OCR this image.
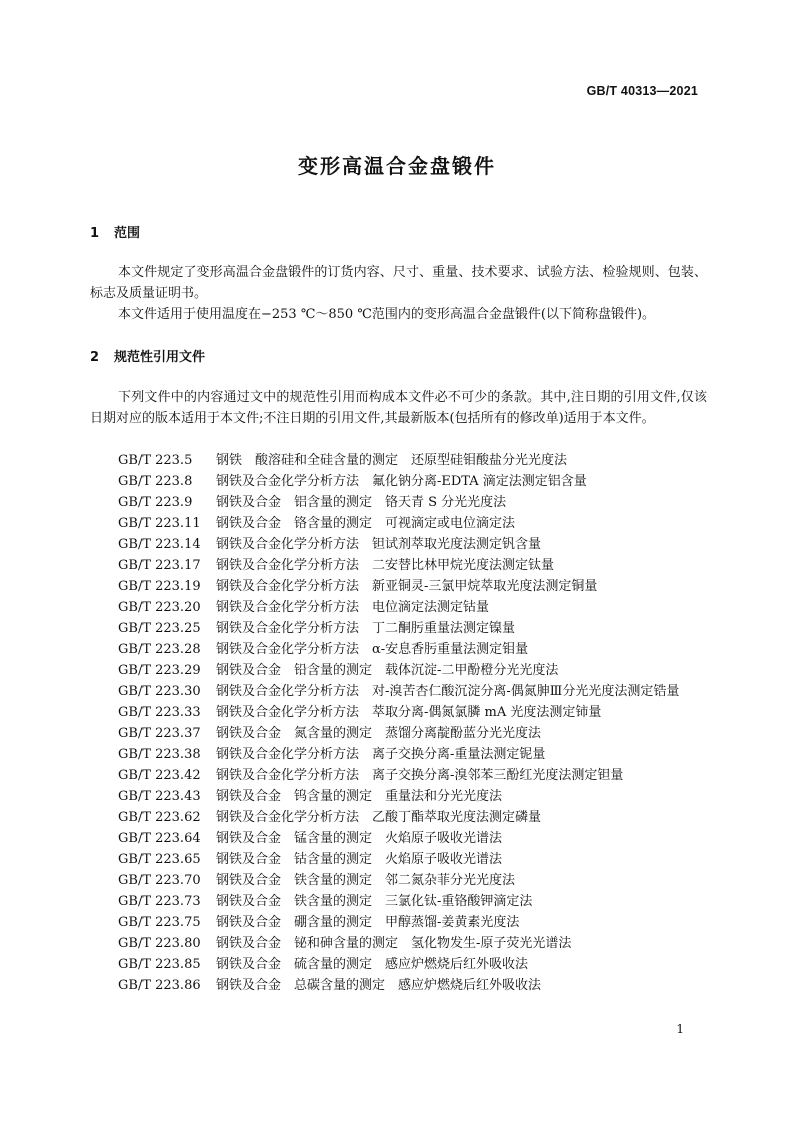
GB/T 40313—2021
变形高温合金盘锻件
1 范围
本文件规定了变形高温合金盘锻件的订货内容、尺寸、重量、技术要求、试验方法、检验规则、包装、标志及质量证明书。
本文件适用于使用温度在−253 ℃～850 ℃范围内的变形高温合金盘锻件(以下简称盘锻件)。
2 规范性引用文件
下列文件中的内容通过文中的规范性引用而构成本文件必不可少的条款。其中,注日期的引用文件,仅该日期对应的版本适用于本文件;不注日期的引用文件,其最新版本(包括所有的修改单)适用于本文件。
GB/T 223.5 钢铁　酸溶硅和全硅含量的测定　还原型硅钼酸盐分光光度法
GB/T 223.8 钢铁及合金化学分析方法　氟化钠分离-EDTA 滴定法测定铝含量
GB/T 223.9 钢铁及合金　铝含量的测定　铬天青 S 分光光度法
GB/T 223.11 钢铁及合金　铬含量的测定　可视滴定或电位滴定法
GB/T 223.14 钢铁及合金化学分析方法　钽试剂萃取光度法测定钒含量
GB/T 223.17 钢铁及合金化学分析方法　二安替比林甲烷光度法测定钛量
GB/T 223.19 钢铁及合金化学分析方法　新亚铜灵-三氯甲烷萃取光度法测定铜量
GB/T 223.20 钢铁及合金化学分析方法　电位滴定法测定钴量
GB/T 223.25 钢铁及合金化学分析方法　丁二酮肟重量法测定镍量
GB/T 223.28 钢铁及合金化学分析方法　α-安息香肟重量法测定钼量
GB/T 223.29 钢铁及合金　铅含量的测定　载体沉淀-二甲酚橙分光光度法
GB/T 223.30 钢铁及合金化学分析方法　对-溴苦杏仁酸沉淀分离-偶氮胂Ⅲ分光光度法测定锆量
GB/T 223.33 钢铁及合金化学分析方法　萃取分离-偶氮氯膦 mA 光度法测定铈量
GB/T 223.37 钢铁及合金　氮含量的测定　蒸馏分离靛酚蓝分光光度法
GB/T 223.38 钢铁及合金化学分析方法　离子交换分离-重量法测定铌量
GB/T 223.42 钢铁及合金化学分析方法　离子交换分离-溴邻苯三酚红光度法测定钽量
GB/T 223.43 钢铁及合金　钨含量的测定　重量法和分光光度法
GB/T 223.62 钢铁及合金化学分析方法　乙酸丁酯萃取光度法测定磷量
GB/T 223.64 钢铁及合金　锰含量的测定　火焰原子吸收光谱法
GB/T 223.65 钢铁及合金　钴含量的测定　火焰原子吸收光谱法
GB/T 223.70 钢铁及合金　铁含量的测定　邻二氮杂菲分光光度法
GB/T 223.73 钢铁及合金　铁含量的测定　三氯化钛-重铬酸钾滴定法
GB/T 223.75 钢铁及合金　硼含量的测定　甲醇蒸馏-姜黄素光度法
GB/T 223.80 钢铁及合金　铋和砷含量的测定　氢化物发生-原子荧光光谱法
GB/T 223.85 钢铁及合金　硫含量的测定　感应炉燃烧后红外吸收法
GB/T 223.86 钢铁及合金　总碳含量的测定　感应炉燃烧后红外吸收法
1
